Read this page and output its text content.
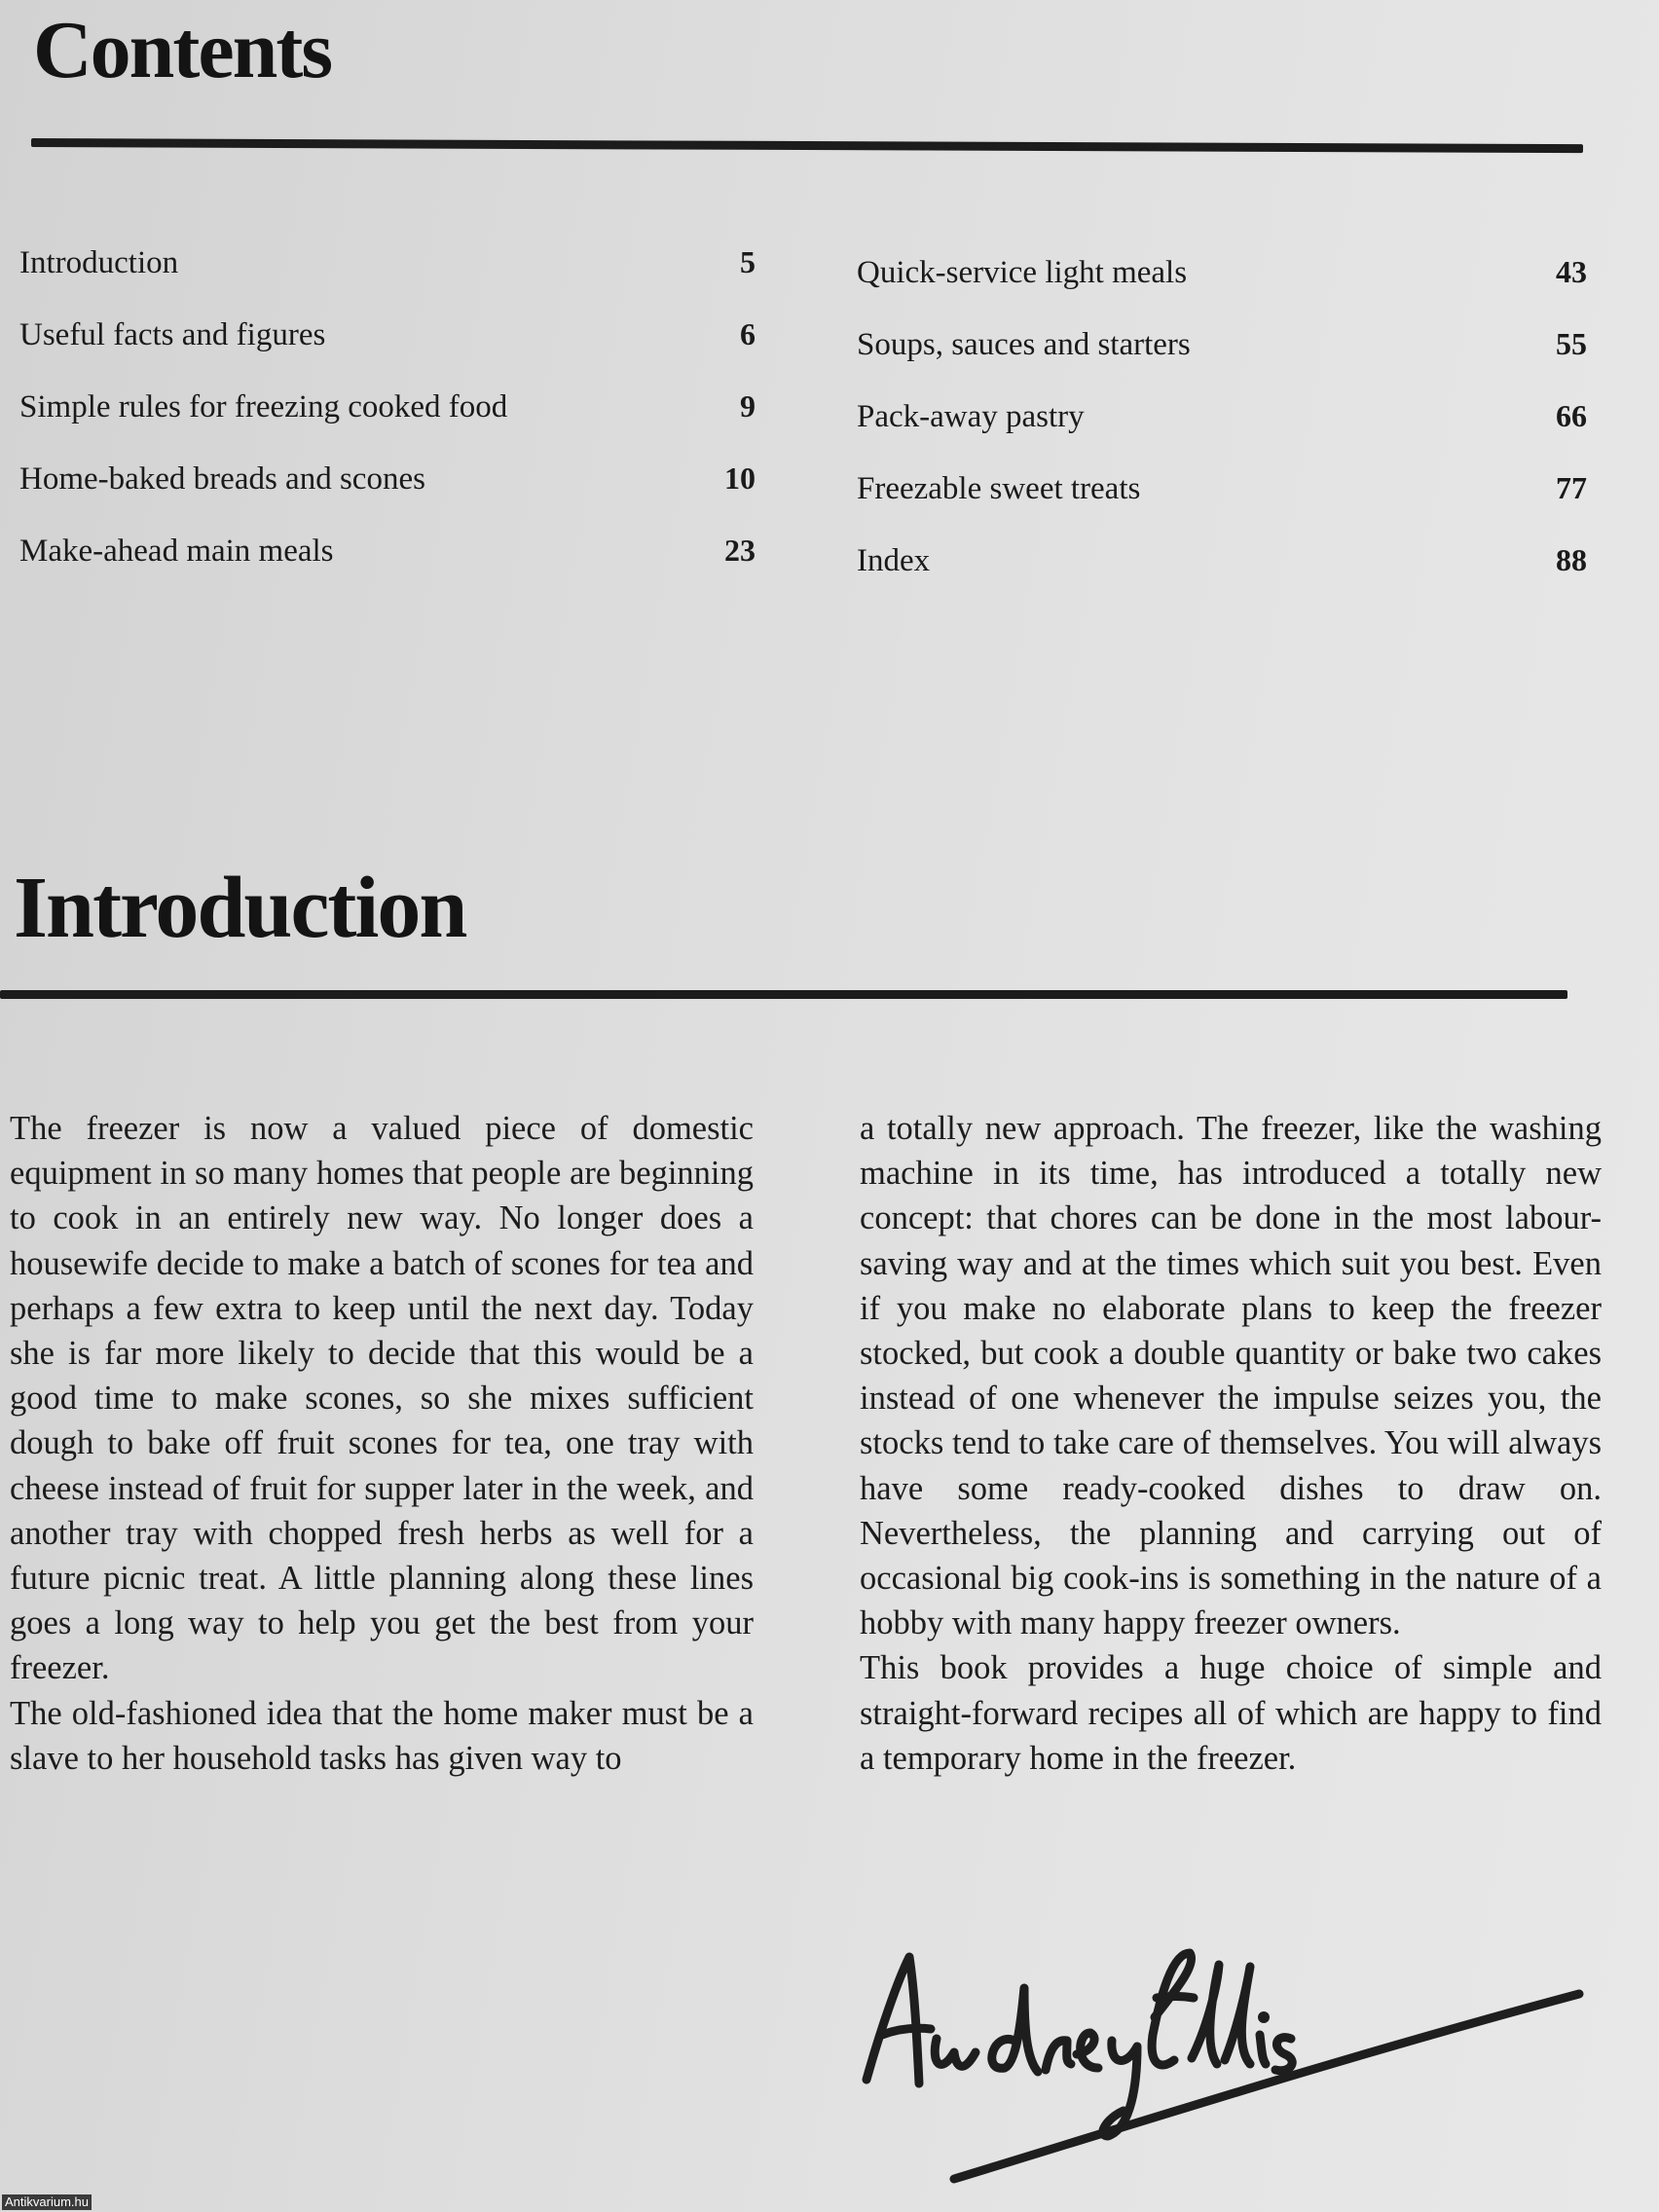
Contents
Introduction	5
Useful facts and figures	6
Simple rules for freezing cooked food	9
Home-baked breads and scones	10
Make-ahead main meals	23
Quick-service light meals	43
Soups, sauces and starters	55
Pack-away pastry	66
Freezable sweet treats	77
Index	88
Introduction

The freezer is now a valued piece of domestic equipment in so many homes that people are beginning to cook in an entirely new way. No longer does a housewife decide to make a batch of scones for tea and perhaps a few extra to keep until the next day. Today she is far more likely to decide that this would be a good time to make scones, so she mixes sufficient dough to bake off fruit scones for tea, one tray with cheese instead of fruit for supper later in the week, and another tray with chopped fresh herbs as well for a future picnic treat. A little planning along these lines goes a long way to help you get the best from your freezer.

The old-fashioned idea that the home maker must be a slave to her household tasks has given way to

a totally new approach. The freezer, like the washing machine in its time, has introduced a totally new concept: that chores can be done in the most labour-saving way and at the times which suit you best. Even if you make no elaborate plans to keep the freezer stocked, but cook a double quantity or bake two cakes instead of one whenever the impulse seizes you, the stocks tend to take care of themselves. You will always have some ready-cooked dishes to draw on. Nevertheless, the planning and carrying out of occasional big cook-ins is something in the nature of a hobby with many happy freezer owners.

This book provides a huge choice of simple and straight-forward recipes all of which are happy to find a temporary home in the freezer.

Antikvarium.hu
